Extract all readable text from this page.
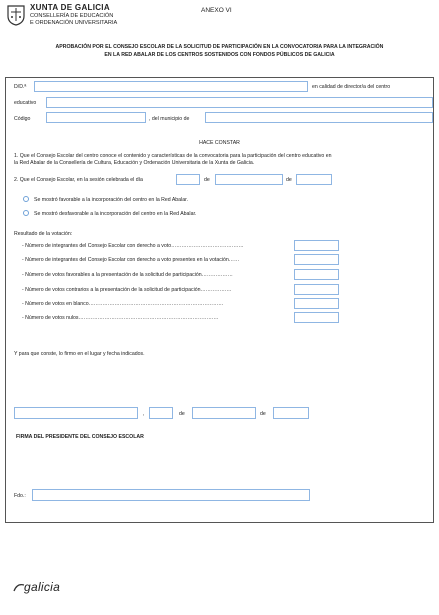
XUNTA DE GALICIA
CONSELLERÍA DE EDUCACIÓN
E ORDENACIÓN UNIVERSITARIA
ANEXO VI
APROBACIÓN POR EL CONSEJO ESCOLAR DE LA SOLICITUD DE PARTICIPACIÓN EN LA CONVOCATORIA PARA LA INTEGRACIÓN
EN LA RED ABALAR DE LOS CENTROS SOSTENIDOS CON FONDOS PÚBLICOS DE GALICIA
D/D.ª	en calidad de director/a del centro
educativo
Código	, del municipio de
HACE CONSTAR
1. Que el Consejo Escolar del centro conoce el contenido y características de la convocatoria para la participación del centro educativo en
la Red Abalar de la Consellería de Cultura, Educación y Ordenación Universitaria de la Xunta de Galicia.
2. Que el Consejo Escolar, en la sesión celebrada el día	de	de
Se mostró favorable a la incorporación del centro en la Red Abalar.
Se mostró desfavorable a la incorporación del centro en la Red Abalar.
Resultado de la votación:
- Número de integrantes del Consejo Escolar con derecho a voto……………………………………
- Número de integrantes del Consejo Escolar con derecho a voto presentes en la votación……
- Número de votos favorables a la presentación de la solicitud de participación………………
- Número de votos contrarios a la presentación de la solicitud de participación………………
- Número de votos en blanco……………………………………………………………………
- Número de votos nulos………………………………………………………………………
Y para que conste, lo firmo en el lugar y fecha indicados.
,	de	de
FIRMA DEL PRESIDENTE DEL CONSEJO ESCOLAR
Fdo.:
galicia
